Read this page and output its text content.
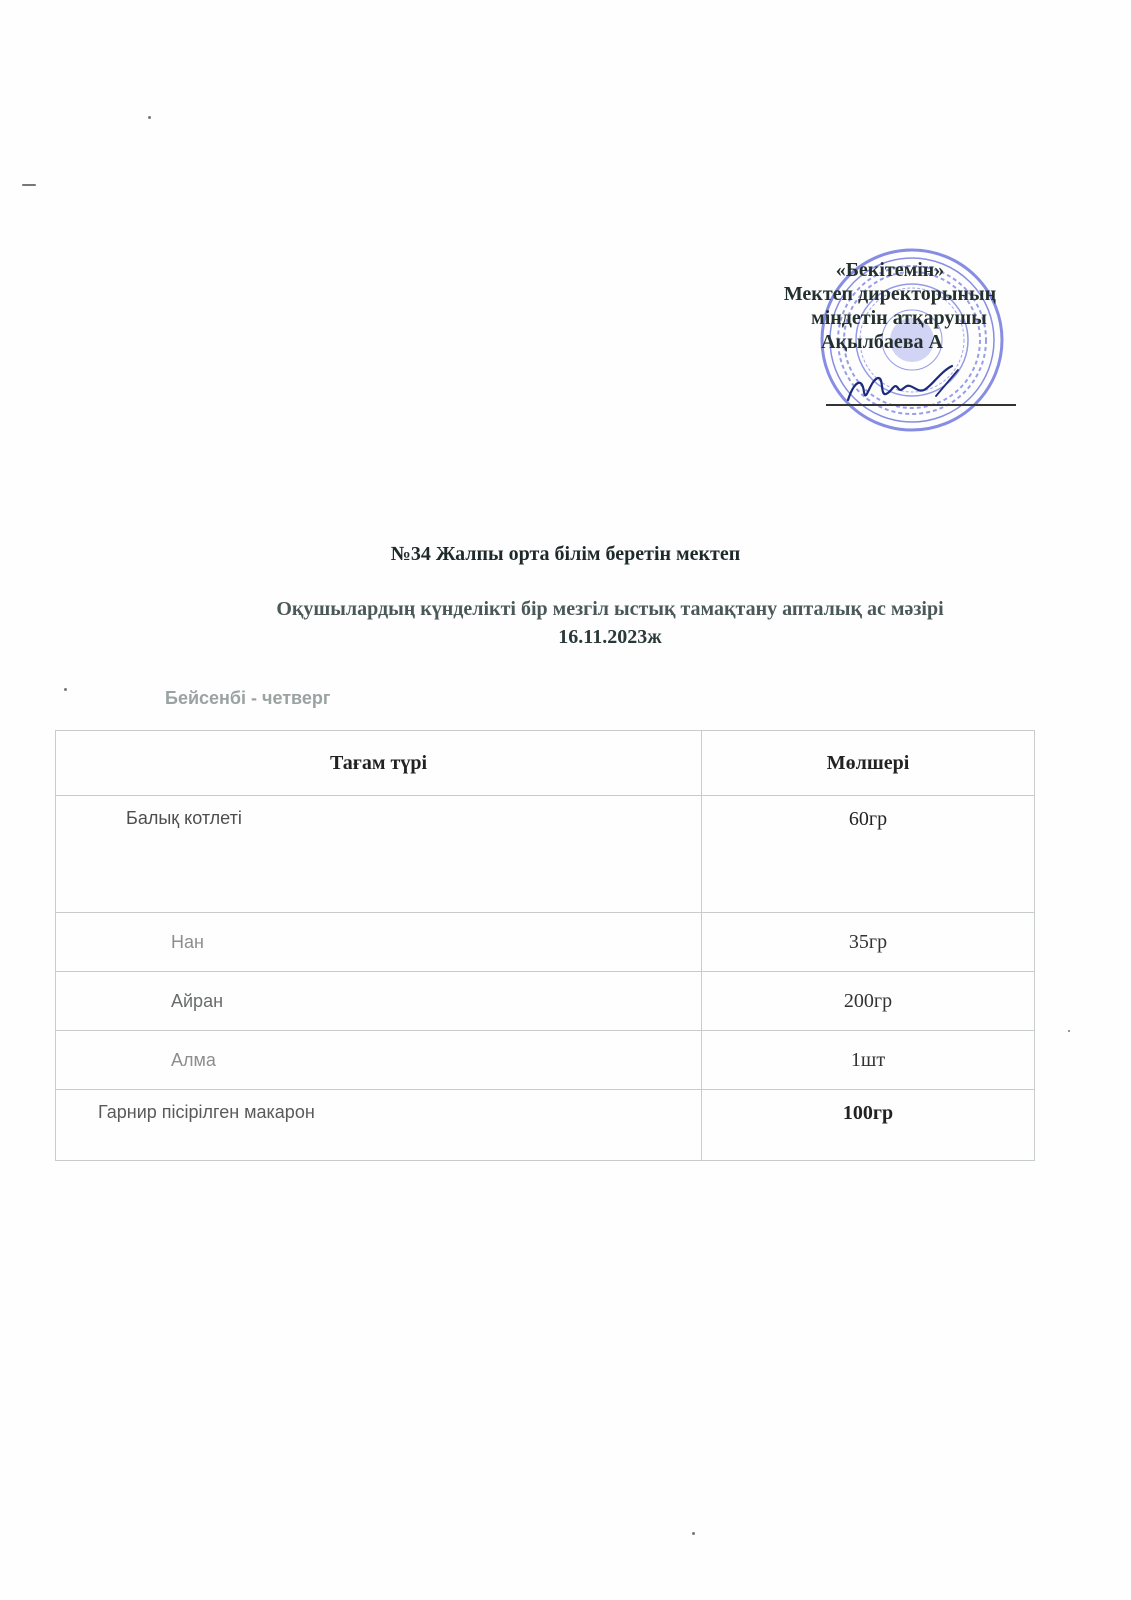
«Бекітемін»
Мектеп директорының
міндетін атқарушы
Ақылбаева А
№34 Жалпы орта білім беретін мектеп
Оқушылардың күнделікті бір мезгіл ыстық тамақтану апталық ас мәзірі
16.11.2023ж
Бейсенбі - четверг
Тағам түрі	Мөлшері
Балық котлеті	60гр
Нан	35гр
Айран	200гр
Алма	1шт
Гарнир пісірілген макарон	100гр
